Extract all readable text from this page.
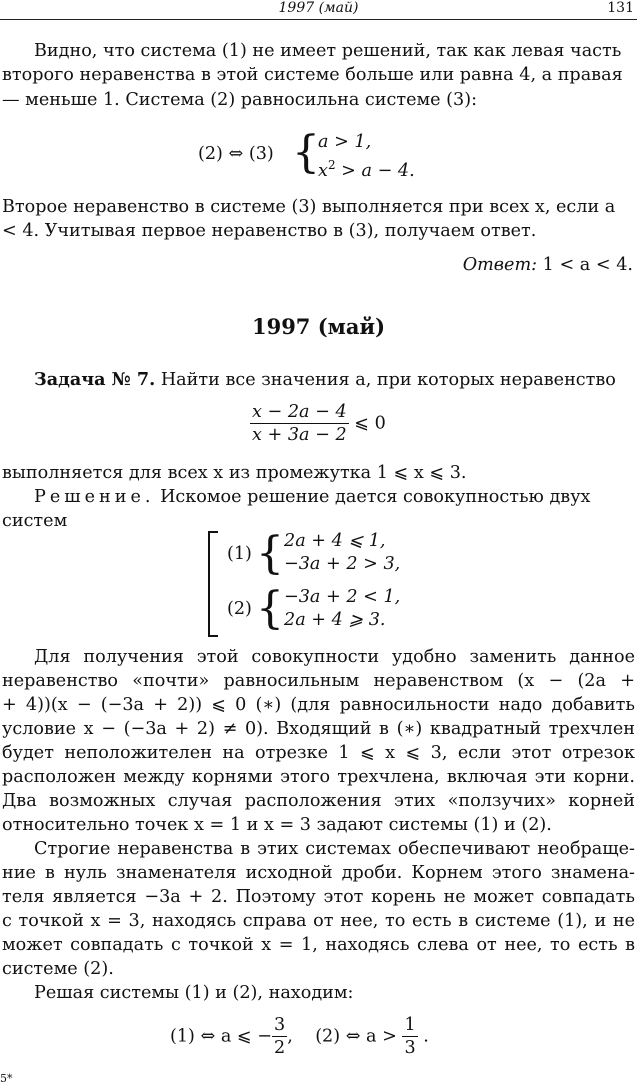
1997 (май)	131
Видно, что система (1) не имеет решений, так как левая часть второго неравенства в этой системе больше или равна 4, а правая — меньше 1. Система (2) равносильна системе (3):
(2) ⇔ (3) {
a > 1,
$x^2 > a - 4$.
Второе неравенство в системе (3) выполняется при всех x, если a < 4. Учитывая первое неравенство в (3), получаем ответ.
Ответ: 1 < a < 4.
1997 (май)
Задача № 7. Найти все значения a, при которых неравенство
$\frac{x - 2a - 4}{x + 3a - 2}$ ⩽ 0
выполняется для всех x из промежутка 1 ⩽ x ⩽ 3.
Решение. Искомое решение дается совокупностью двух систем
(1) { 2a + 4 ⩽ 1,
−3a + 2 > 3,
(2) { −3a + 2 < 1,
2a + 4 ⩾ 3.
Для получения этой совокупности удобно заменить данное
неравенство «почти» равносильным неравенством (x − (2a +
+ 4))(x − (−3a + 2)) ⩽ 0 (∗) (для равносильности надо добавить
условие x − (−3a + 2) ≠ 0). Входящий в (∗) квадратный трехчлен
будет неположителен на отрезке 1 ⩽ x ⩽ 3, если этот отрезок
расположен между корнями этого трехчлена, включая эти корни.
Два возможных случая расположения этих «ползучих» корней
относительно точек x = 1 и x = 3 задают системы (1) и (2).
Строгие неравенства в этих системах обеспечивают необраще-
ние в нуль знаменателя исходной дроби. Корнем этого знамена-
теля является −3a + 2. Поэтому этот корень не может совпадать
с точкой x = 3, находясь справа от нее, то есть в системе (1), и не
может совпадать с точкой x = 1, находясь слева от нее, то есть в
системе (2).
Решая системы (1) и (2), находим:
(1) ⇔ a ⩽ − $\frac{3}{2}$ , (2) ⇔ $a > \frac{1}{3}$ .
5*
